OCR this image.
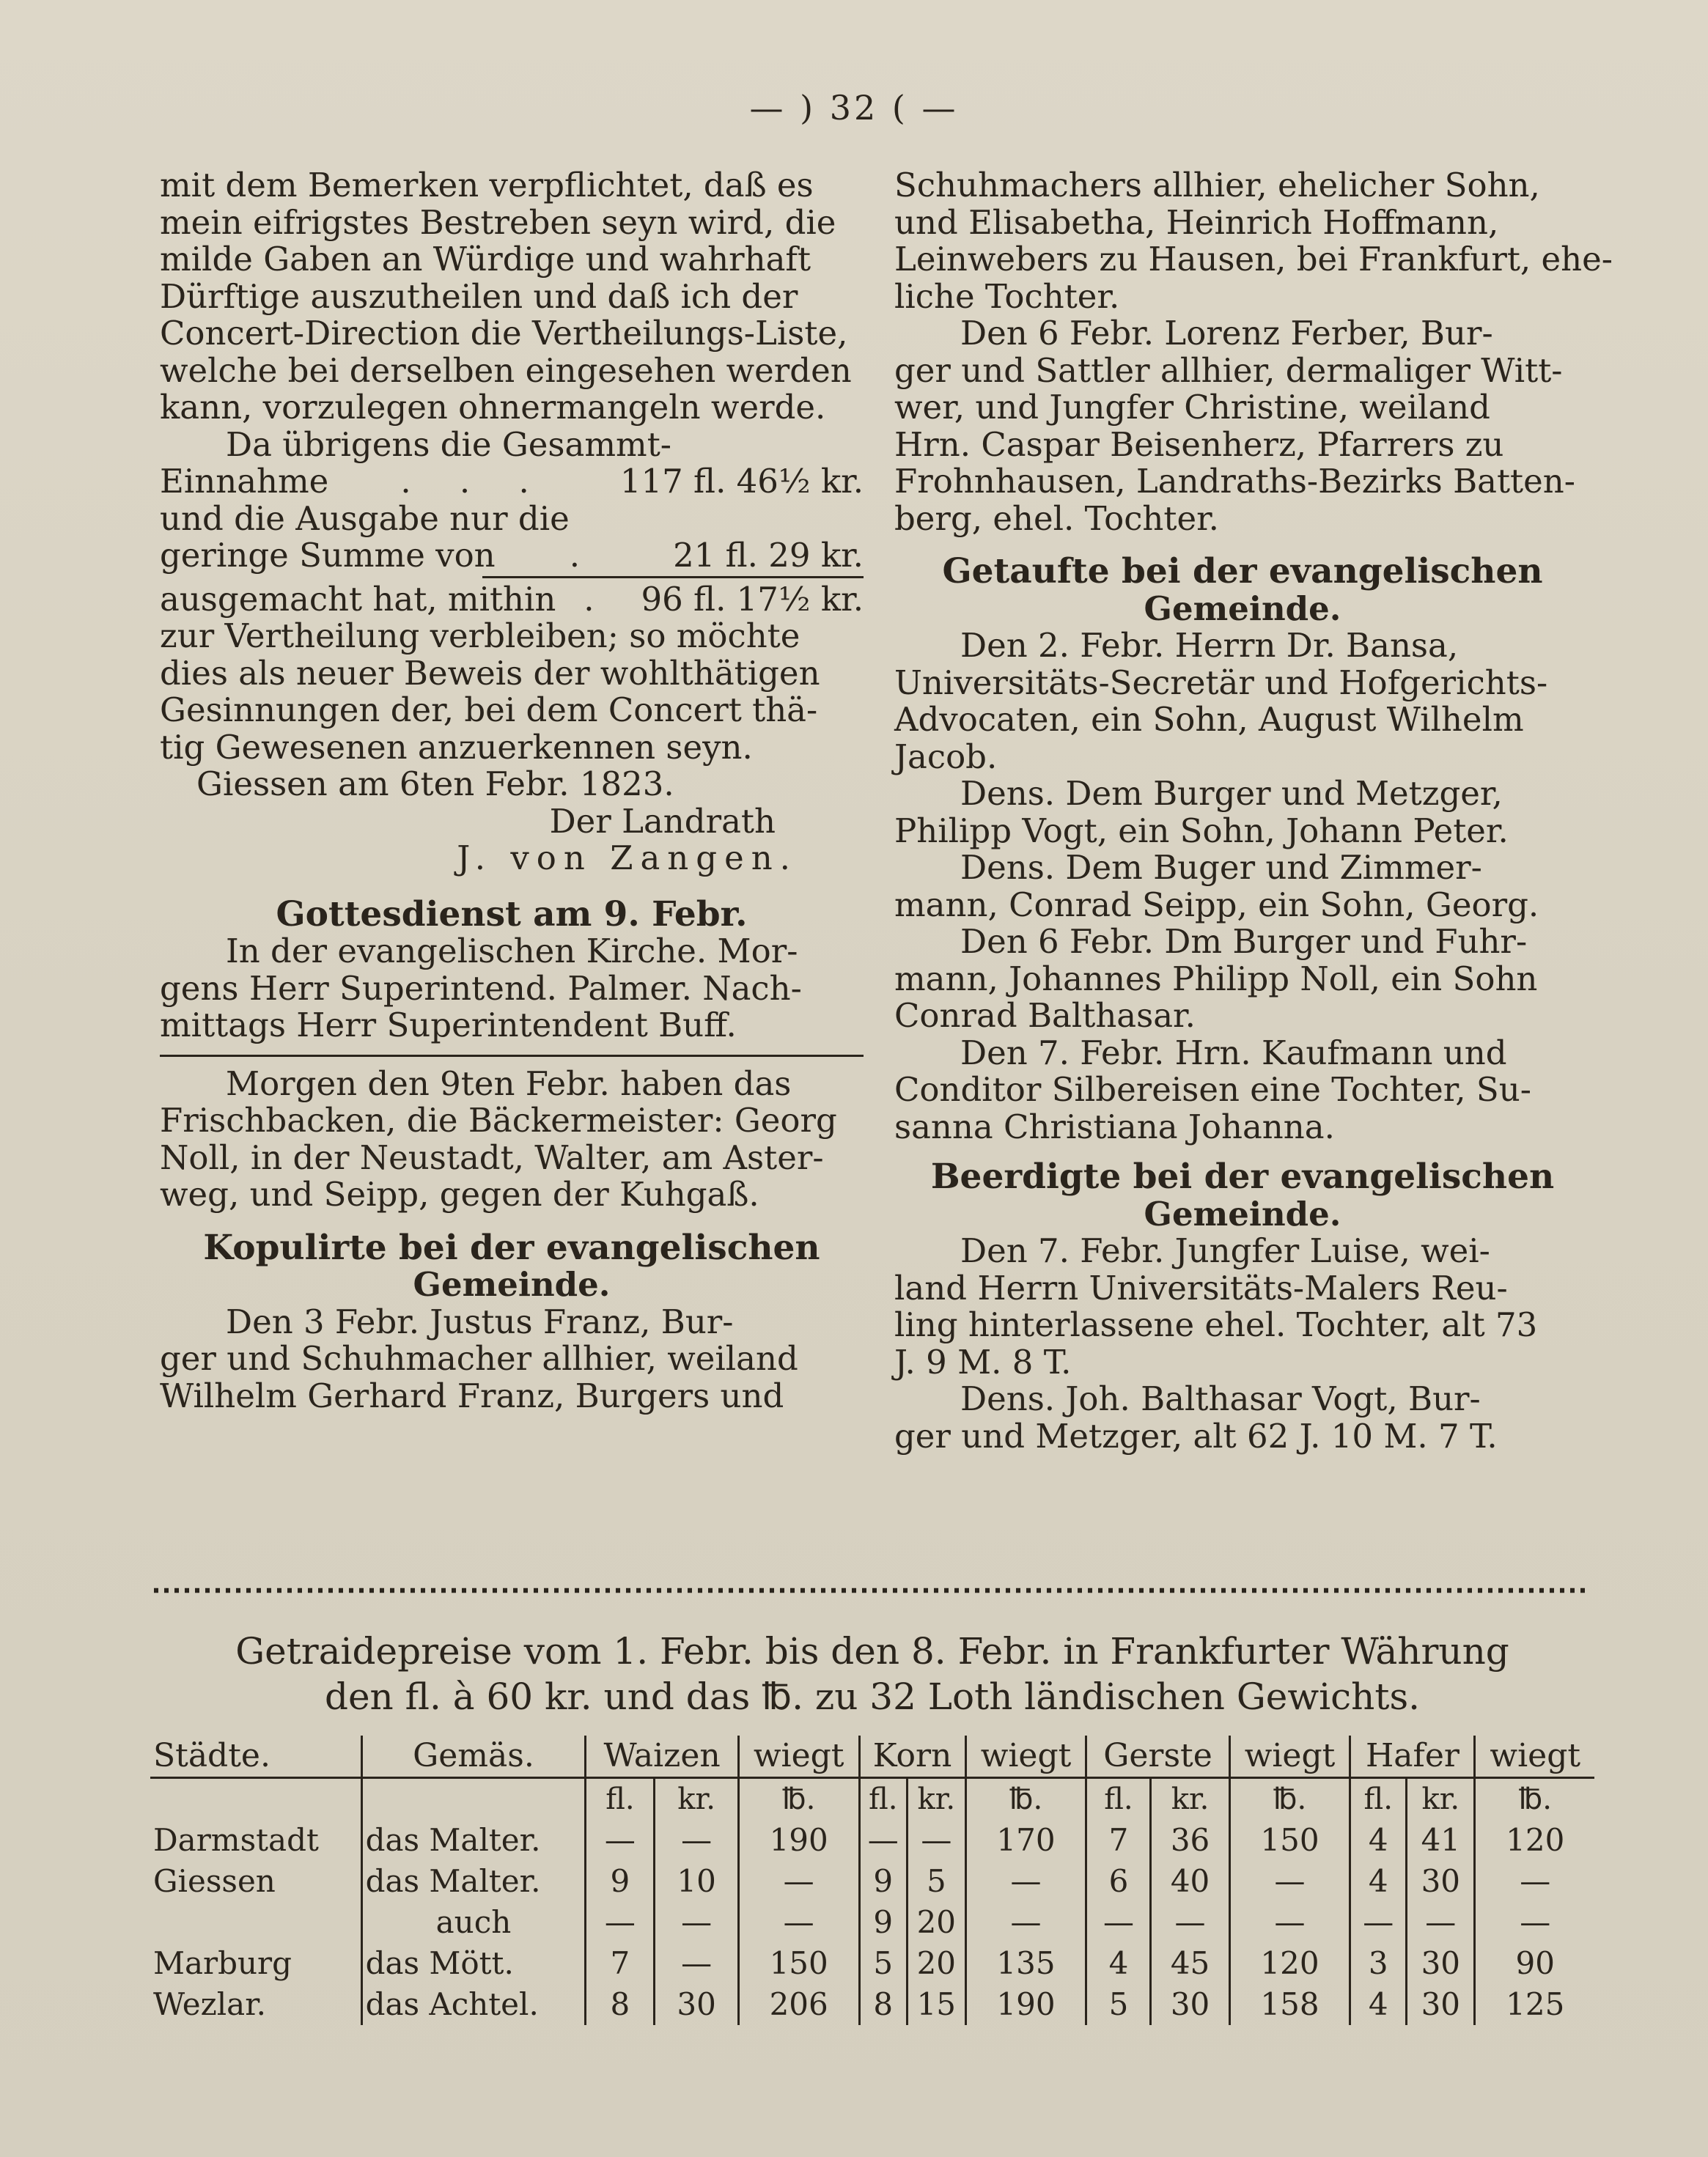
— ) 32 ( —
mit dem Bemerken verpflichtet, daß es
mein eifrigstes Bestreben seyn wird, die
milde Gaben an Würdige und wahrhaft
Dürftige auszutheilen und daß ich der
Concert-Direction die Vertheilungs-Liste,
welche bei derselben eingesehen werden
kann, vorzulegen ohnermangeln werde.
Da übrigens die Gesammt-
Einnahme	. . .	117 fl. 46½ kr.
und die Ausgabe nur die
geringe Summe von	.	21 fl. 29 kr.
ausgemacht hat, mithin . 96 fl. 17½ kr.
zur Vertheilung verbleiben; so möchte
dies als neuer Beweis der wohlthätigen
Gesinnungen der, bei dem Concert thä-
tig Gewesenen anzuerkennen seyn.
Giessen am 6ten Febr. 1823.
Der Landrath
J. von Zangen.
Gottesdienst am 9. Febr.
In der evangelischen Kirche. Mor-
gens Herr Superintend. Palmer. Nach-
mittags Herr Superintendent Buff.
Morgen den 9ten Febr. haben das
Frischbacken, die Bäckermeister: Georg
Noll, in der Neustadt, Walter, am Aster-
weg, und Seipp, gegen der Kuhgaß.
Kopulirte bei der evangelischen
Gemeinde.
Den 3 Febr. Justus Franz, Bur-
ger und Schuhmacher allhier, weiland
Wilhelm Gerhard Franz, Burgers und
Schuhmachers allhier, ehelicher Sohn,
und Elisabetha, Heinrich Hoffmann,
Leinwebers zu Hausen, bei Frankfurt, ehe-
liche Tochter.
Den 6 Febr. Lorenz Ferber, Bur-
ger und Sattler allhier, dermaliger Witt-
wer, und Jungfer Christine, weiland
Hrn. Caspar Beisenherz, Pfarrers zu
Frohnhausen, Landraths-Bezirks Batten-
berg, ehel. Tochter.
Getaufte bei der evangelischen
Gemeinde.
Den 2. Febr. Herrn Dr. Bansa,
Universitäts-Secretär und Hofgerichts-
Advocaten, ein Sohn, August Wilhelm
Jacob.
Dens. Dem Burger und Metzger,
Philipp Vogt, ein Sohn, Johann Peter.
Dens. Dem Buger und Zimmer-
mann, Conrad Seipp, ein Sohn, Georg.
Den 6 Febr. Dm Burger und Fuhr-
mann, Johannes Philipp Noll, ein Sohn
Conrad Balthasar.
Den 7. Febr. Hrn. Kaufmann und
Conditor Silbereisen eine Tochter, Su-
sanna Christiana Johanna.
Beerdigte bei der evangelischen
Gemeinde.
Den 7. Febr. Jungfer Luise, wei-
land Herrn Universitäts-Malers Reu-
ling hinterlassene ehel. Tochter, alt 73
J. 9 M. 8 T.
Dens. Joh. Balthasar Vogt, Bur-
ger und Metzger, alt 62 J. 10 M. 7 T.
Getraidepreise vom 1. Febr. bis den 8. Febr. in Frankfurter Währung
den fl. à 60 kr. und das ℔. zu 32 Loth ländischen Gewichts.
Städte.	Gemäs.	Waizen		wiegt	Korn		wiegt	Gerste		wiegt	Hafer		wiegt
		fl.	kr.	℔.	fl.	kr.	℔.	fl.	kr.	℔.	fl.	kr.	℔.
Darmstadt	das Malter.	—	—	190	—	—	170	7	36	150	4	41	120
Giessen	das Malter.	9	10	—	9	5	—	6	40	—	4	30	—
	auch	—	—	—	9	20	—	—	—	—	—	—	—
Marburg	das Mött.	7	—	150	5	20	135	4	45	120	3	30	90
Wezlar.	das Achtel.	8	30	206	8	15	190	5	30	158	4	30	125
